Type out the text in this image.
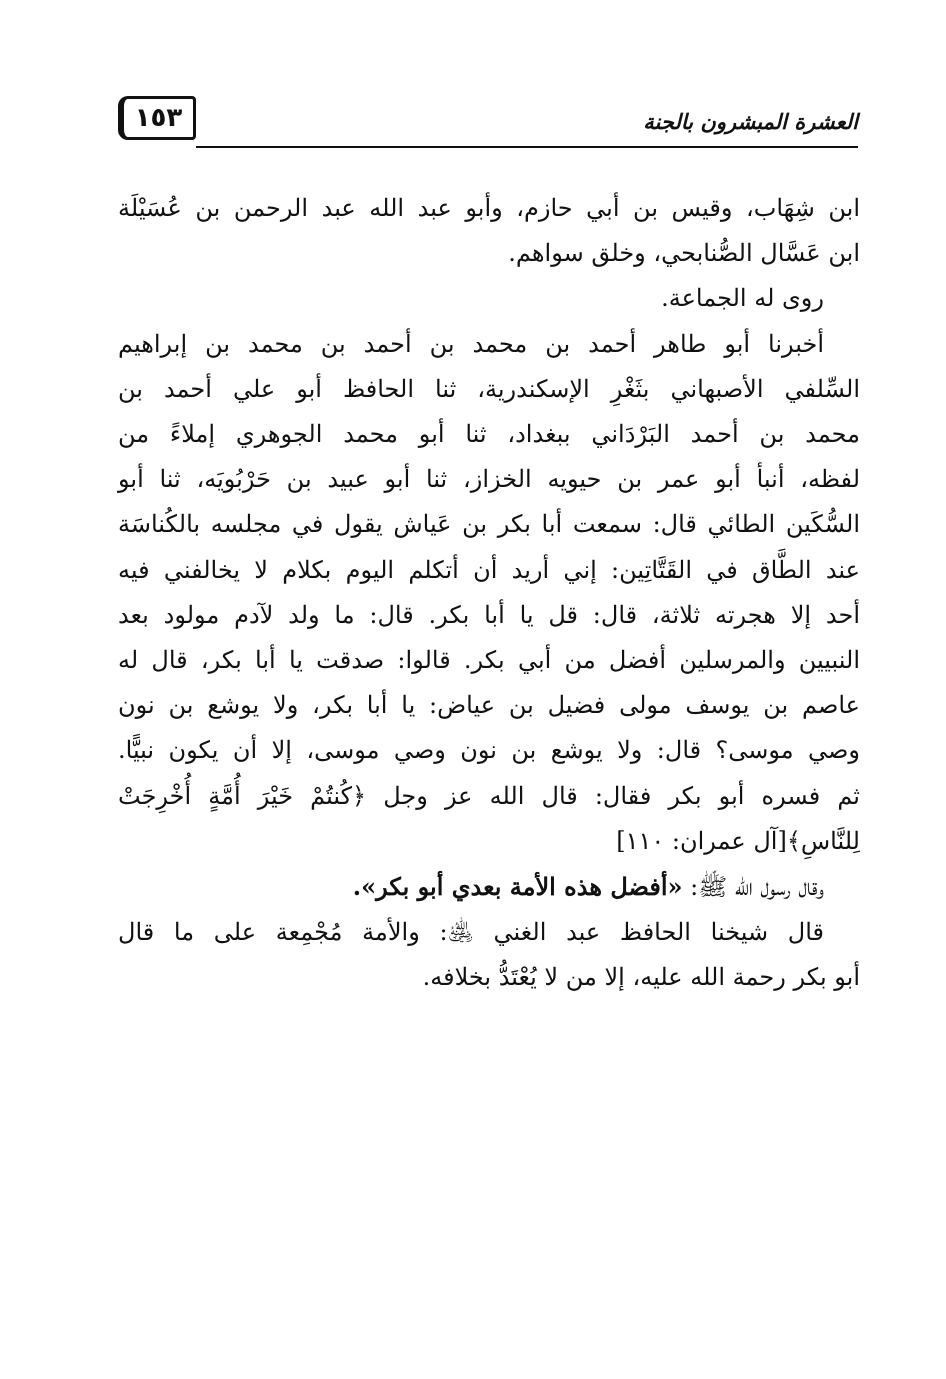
١٥٣	العشرة المبشرون بالجنة
ابن شِهَاب، وقيس بن أبي حازم، وأبو عبد الله عبد الرحمن بن عُسَيْلَة
ابن عَسَّال الصُّنابحي، وخلق سواهم.
روى له الجماعة.
أخبرنا أبو طاهر أحمد بن محمد بن أحمد بن محمد بن إبراهيم
السِّلفي الأصبهاني بثَغْرِ الإسكندرية، ثنا الحافظ أبو علي أحمد بن
محمد بن أحمد البَرْدَاني ببغداد، ثنا أبو محمد الجوهري إملاءً من
لفظه، أنبأ أبو عمر بن حيويه الخزاز، ثنا أبو عبيد بن حَرْبُويَه، ثنا أبو
السُّكَين الطائي قال: سمعت أبا بكر بن عَياش يقول في مجلسه بالكُناسَة
عند الطَّاق في القَتَّاتِين: إني أريد أن أتكلم اليوم بكلام لا يخالفني فيه
أحد إلا هجرته ثلاثة، قال: قل يا أبا بكر. قال: ما ولد لآدم مولود بعد
النبيين والمرسلين أفضل من أبي بكر. قالوا: صدقت يا أبا بكر، قال له
عاصم بن يوسف مولى فضيل بن عياض: يا أبا بكر، ولا يوشع بن نون
وصي موسى؟ قال: ولا يوشع بن نون وصي موسى، إلا أن يكون نبيًّا.
ثم فسره أبو بكر فقال: قال الله عز وجل ﴿كُنتُمْ خَيْرَ أُمَّةٍ أُخْرِجَتْ
لِلنَّاسِ﴾[آل عمران: ١١٠]
وقال رسول الله ﷺ: «أفضل هذه الأمة بعدي أبو بكر».
قال شيخنا الحافظ عبد الغني ﵁: والأمة مُجْمِعة على ما قال
أبو بكر رحمة الله عليه، إلا من لا يُعْتَدُّ بخلافه.
